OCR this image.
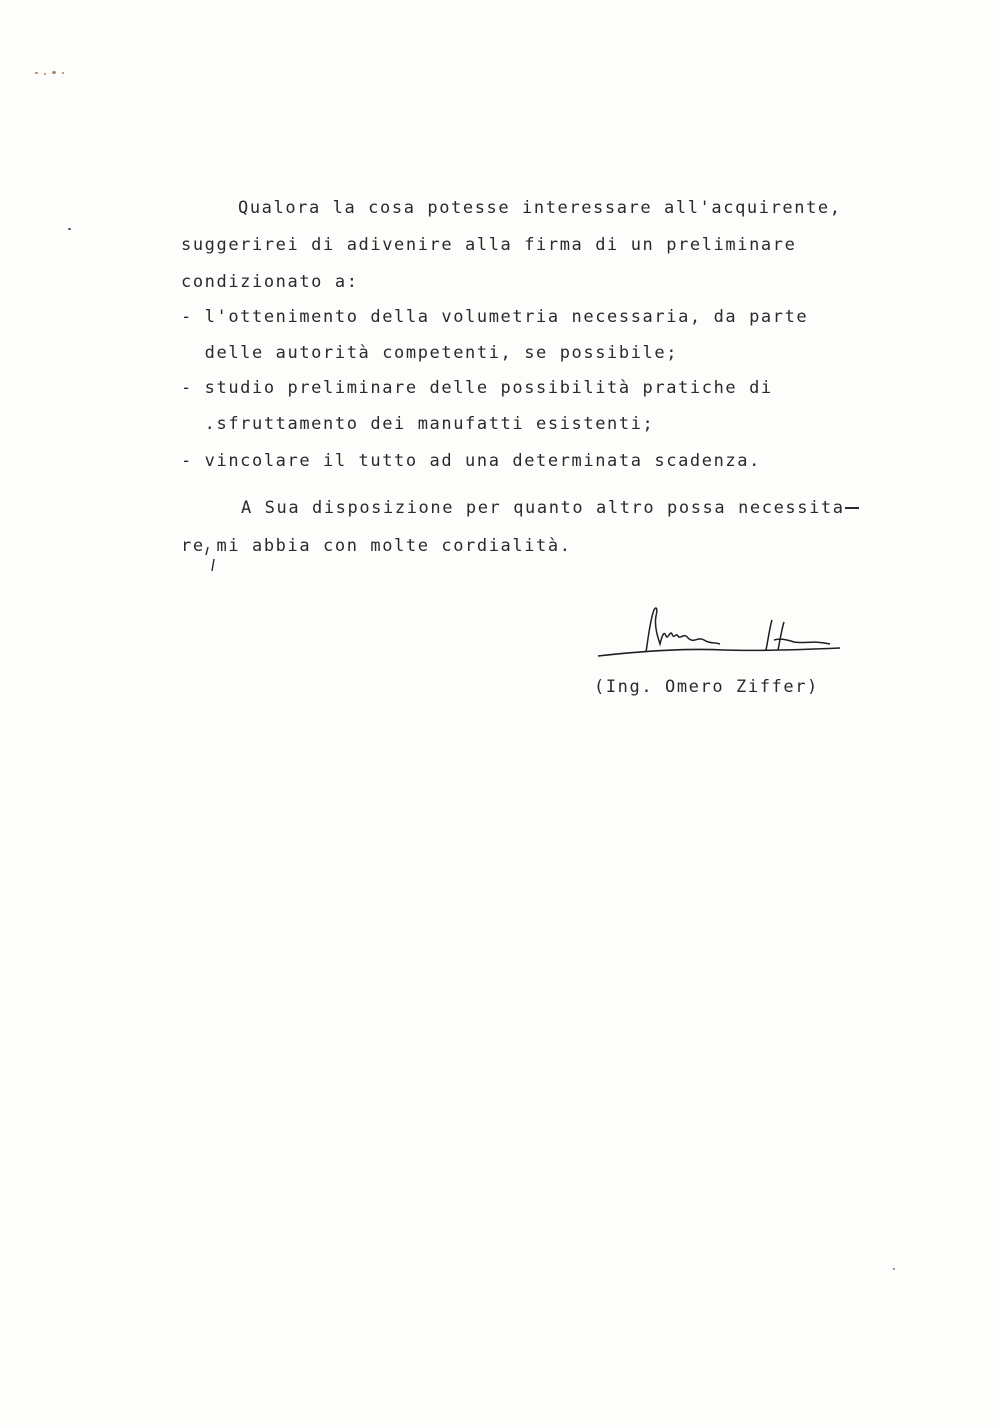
Qualora la cosa potesse interessare all'acquirente,
suggerirei di adivenire alla firma di un preliminare
condizionato a:
- l'ottenimento della volumetria necessaria, da parte
delle autorità competenti, se possibile;
- studio preliminare delle possibilità pratiche di
.sfruttamento dei manufatti esistenti;
- vincolare il tutto ad una determinata scadenza.
A Sua disposizione per quanto altro possa necessita
re mi abbia con molte cordialità.
(Ing. Omero Ziffer)
